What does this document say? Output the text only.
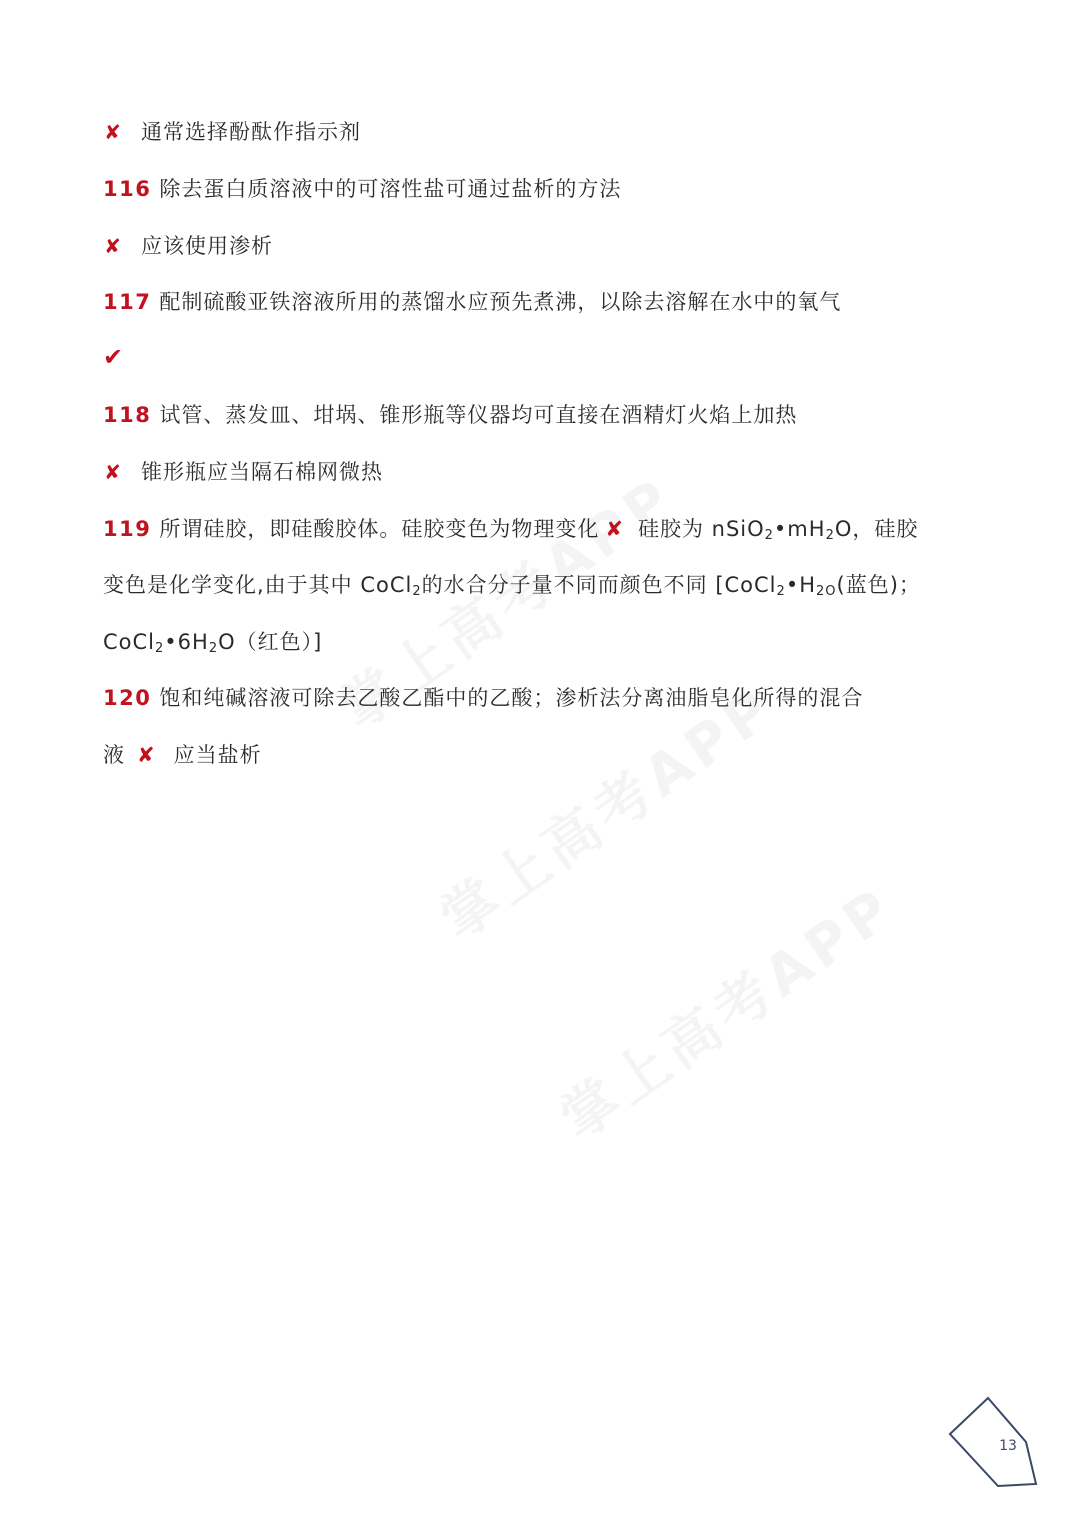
✘ 通常选择酚酞作指示剂
116 除去蛋白质溶液中的可溶性盐可通过盐析的方法
✘ 应该使用渗析
117 配制硫酸亚铁溶液所用的蒸馏水应预先煮沸，以除去溶解在水中的氧气
✔
118 试管、蒸发皿、坩埚、锥形瓶等仪器均可直接在酒精灯火焰上加热
✘ 锥形瓶应当隔石棉网微热
119 所谓硅胶，即硅酸胶体。硅胶变色为物理变化 ✘ 硅胶为 $nSiO_2•mH_2O$，硅胶
变色是化学变化,由于其中 CoCl$_2$的水合分子量不同而颜色不同 [$CoCl_2•H_{2O}$(蓝色)；
$CoCl_2•6H_2O$（红色）]
120 饱和纯碱溶液可除去乙酸乙酯中的乙酸；渗析法分离油脂皂化所得的混合
液 ✘ 应当盐析
13
